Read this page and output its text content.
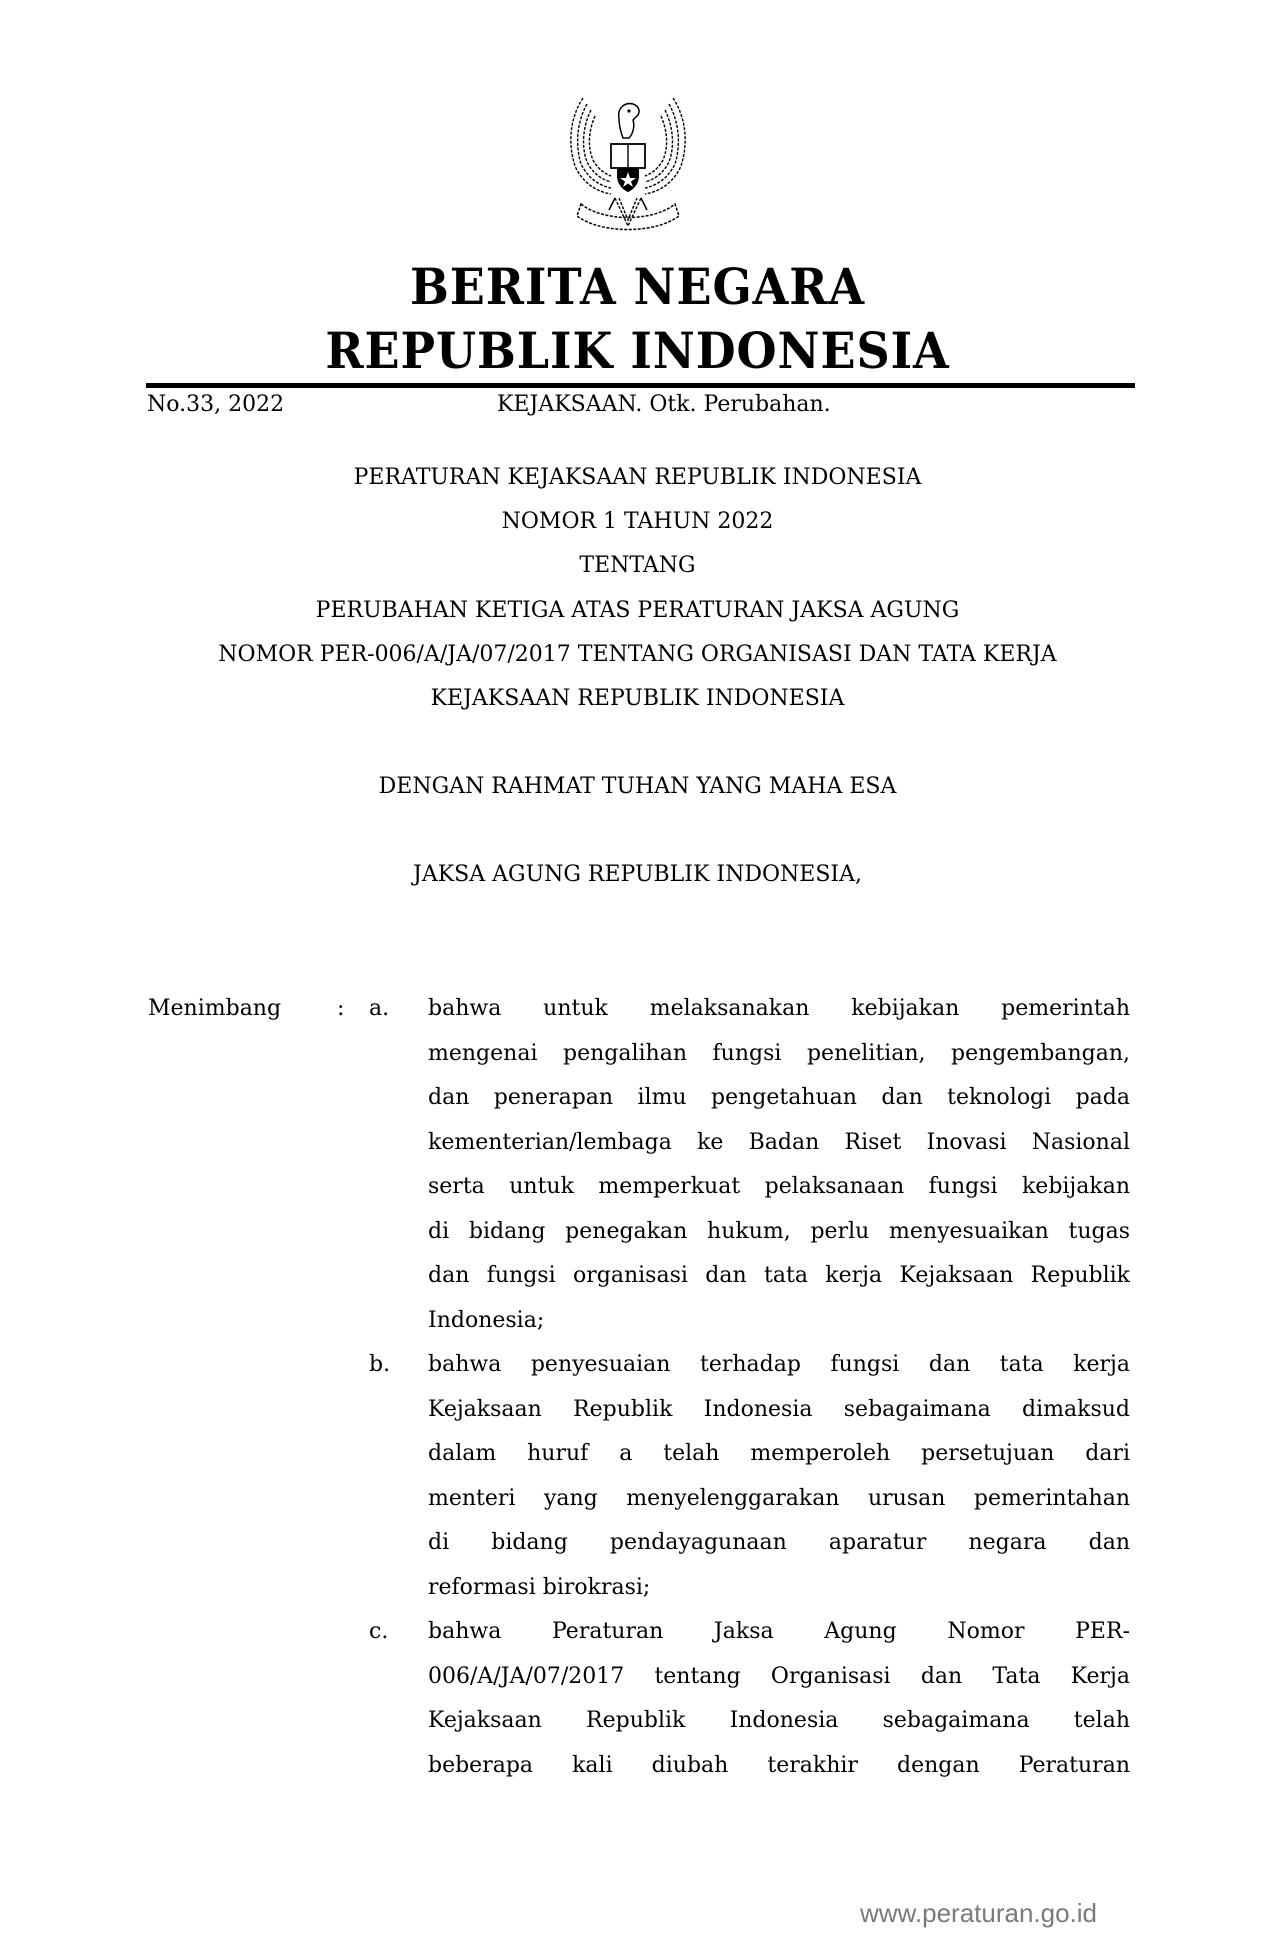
BERITA NEGARA
REPUBLIK INDONESIA
No.33, 2022	KEJAKSAAN. Otk. Perubahan.
PERATURAN KEJAKSAAN REPUBLIK INDONESIA
NOMOR 1 TAHUN 2022
TENTANG
PERUBAHAN KETIGA ATAS PERATURAN JAKSA AGUNG
NOMOR PER-006/A/JA/07/2017 TENTANG ORGANISASI DAN TATA KERJA
KEJAKSAAN REPUBLIK INDONESIA
DENGAN RAHMAT TUHAN YANG MAHA ESA
JAKSA AGUNG REPUBLIK INDONESIA,
Menimbang	: a. bahwa untuk melaksanakan kebijakan pemerintah
mengenai pengalihan fungsi penelitian, pengembangan,
dan penerapan ilmu pengetahuan dan teknologi pada
kementerian/lembaga ke Badan Riset Inovasi Nasional
serta untuk memperkuat pelaksanaan fungsi kebijakan
di bidang penegakan hukum, perlu menyesuaikan tugas
dan fungsi organisasi dan tata kerja Kejaksaan Republik
Indonesia;
b. bahwa penyesuaian terhadap fungsi dan tata kerja
Kejaksaan Republik Indonesia sebagaimana dimaksud
dalam huruf a telah memperoleh persetujuan dari
menteri yang menyelenggarakan urusan pemerintahan
di bidang pendayagunaan aparatur negara dan
reformasi birokrasi;
c. bahwa Peraturan Jaksa Agung Nomor PER-
006/A/JA/07/2017 tentang Organisasi dan Tata Kerja
Kejaksaan Republik Indonesia sebagaimana telah
beberapa kali diubah terakhir dengan Peraturan
www.peraturan.go.id
